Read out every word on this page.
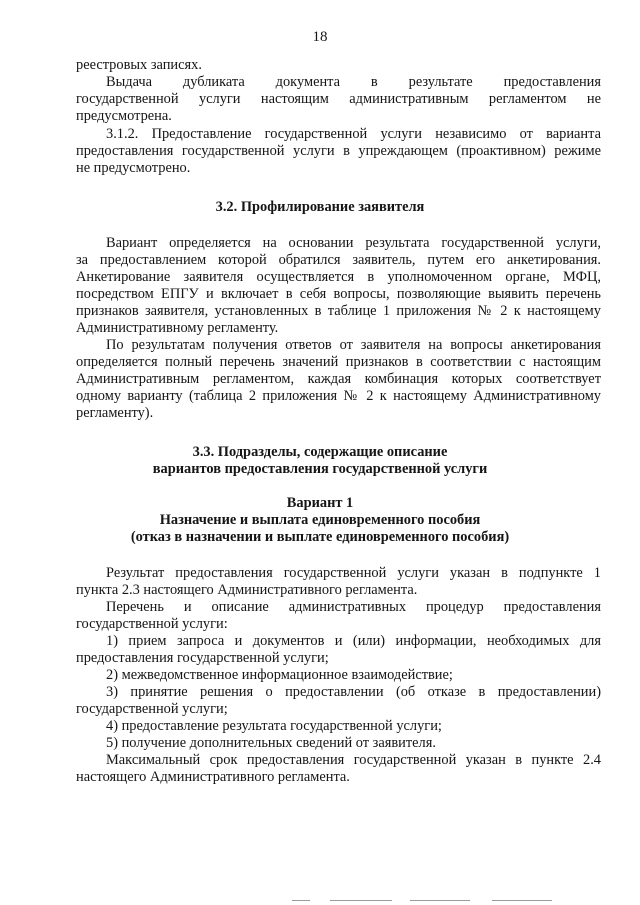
18
реестровых записях.
Выдача дубликата документа в результате предоставления
государственной услуги настоящим административным регламентом не
предусмотрена.
3.1.2. Предоставление государственной услуги независимо от варианта
предоставления государственной услуги в упреждающем (проактивном) режиме
не предусмотрено.
3.2. Профилирование заявителя
Вариант определяется на основании результата государственной услуги,
за предоставлением которой обратился заявитель, путем его анкетирования.
Анкетирование заявителя осуществляется в уполномоченном органе, МФЦ,
посредством ЕПГУ и включает в себя вопросы, позволяющие выявить перечень
признаков заявителя, установленных в таблице 1 приложения № 2 к настоящему
Административному регламенту.
По результатам получения ответов от заявителя на вопросы анкетирования
определяется полный перечень значений признаков в соответствии с настоящим
Административным регламентом, каждая комбинация которых соответствует
одному варианту (таблица 2 приложения № 2 к настоящему Административному
регламенту).
3.3. Подразделы, содержащие описание
вариантов предоставления государственной услуги
Вариант 1
Назначение и выплата единовременного пособия
(отказ в назначении и выплате единовременного пособия)
Результат предоставления государственной услуги указан в подпункте 1
пункта 2.3 настоящего Административного регламента.
Перечень и описание административных процедур предоставления
государственной услуги:
1) прием запроса и документов и (или) информации, необходимых для
предоставления государственной услуги;
2) межведомственное информационное взаимодействие;
3) принятие решения о предоставлении (об отказе в предоставлении)
государственной услуги;
4) предоставление результата государственной услуги;
5) получение дополнительных сведений от заявителя.
Максимальный срок предоставления государственной указан в пункте 2.4
настоящего Административного регламента.
